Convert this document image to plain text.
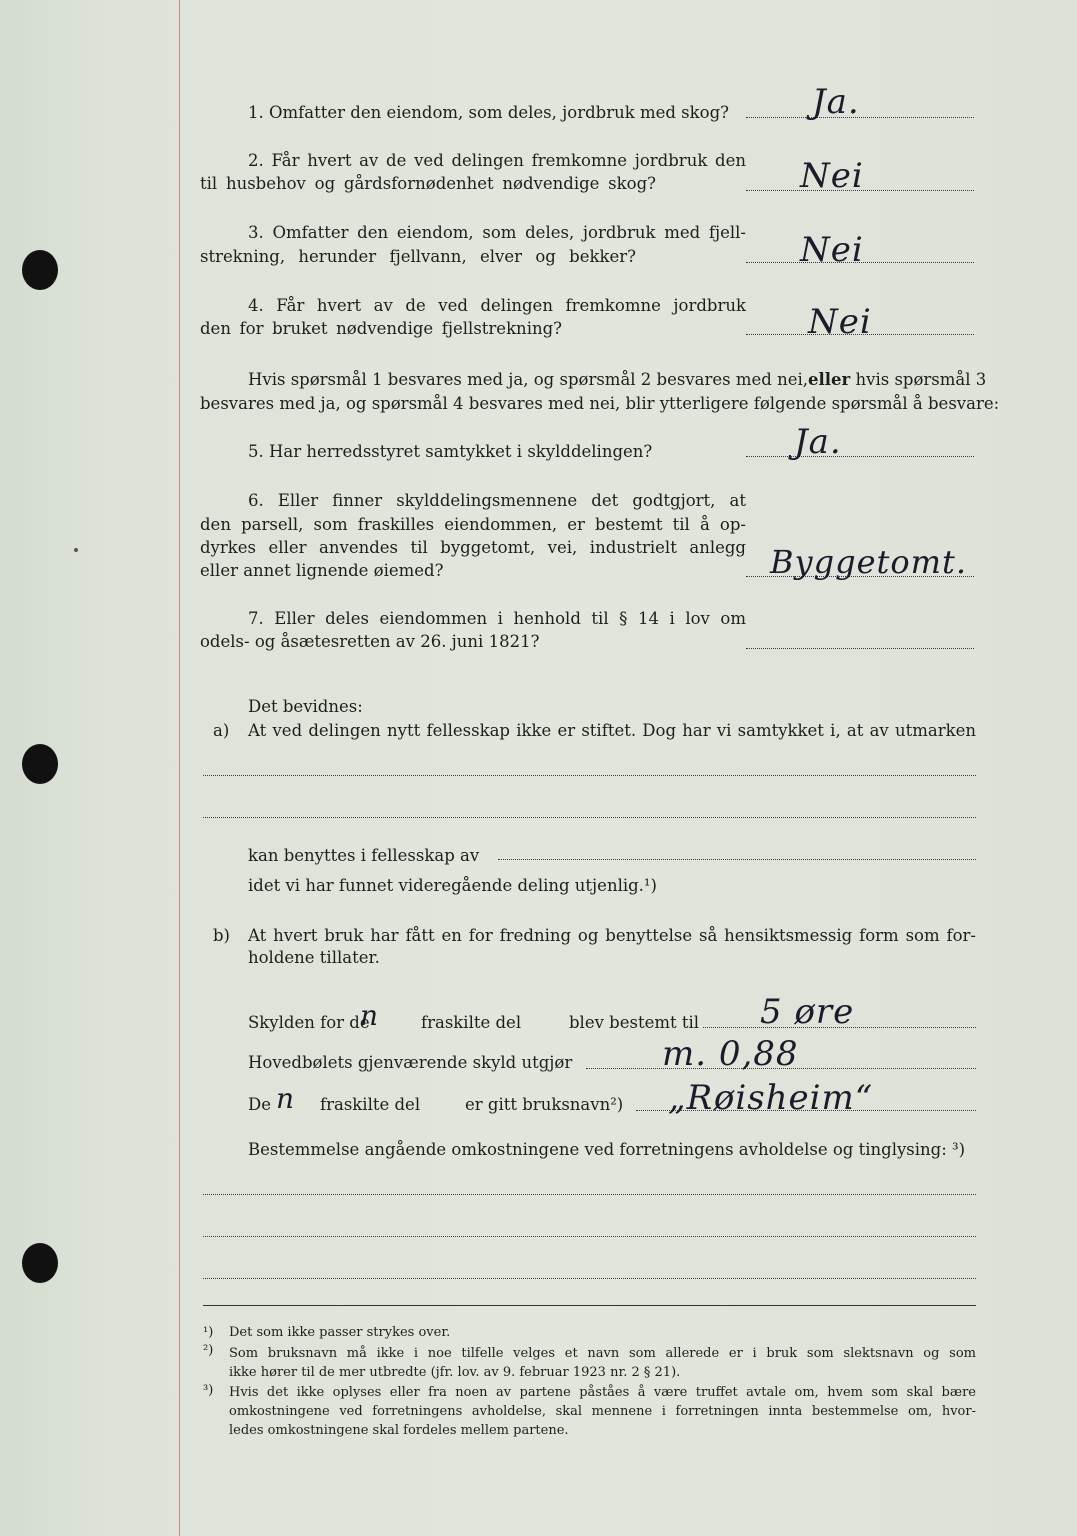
1. Omfatter den eiendom, som deles, jordbruk med skog? Ja.
2. Får hvert av de ved delingen fremkomne jordbruk den
til husbehov og gårdsfornødenhet nødvendige skog?	Nei
3. Omfatter den eiendom, som deles, jordbruk med fjell-
strekning, herunder fjellvann, elver og bekker?	Nei
4. Får hvert av de ved delingen fremkomne jordbruk
den for bruket nødvendige fjellstrekning?	Nei
Hvis spørsmål 1 besvares med ja, og spørsmål 2 besvares med nei, eller hvis spørsmål 3
besvares med ja, og spørsmål 4 besvares med nei, blir ytterligere følgende spørsmål å besvare:
5. Har herredsstyret samtykket i skylddelingen?	Ja.
6. Eller finner skylddelingsmennene det godtgjort, at
den parsell, som fraskilles eiendommen, er bestemt til å op-
dyrkes eller anvendes til byggetomt, vei, industrielt anlegg
eller annet lignende øiemed?	Byggetomt.
7. Eller deles eiendommen i henhold til § 14 i lov om
odels- og åsætesretten av 26. juni 1821?
Det bevidnes:
a) At ved delingen nytt fellesskap ikke er stiftet. Dog har vi samtykket i, at av utmarken
kan benyttes i fellesskap av
idet vi har funnet videregående deling utjenlig.¹)
b) At hvert bruk har fått en for fredning og benyttelse så hensiktsmessig form som for-
holdene tillater.
Skylden for de
n	fraskilte del	blev bestemt til 5 øre
Hovedbølets gjenværende skyld utgjør	m. 0,88
De n fraskilte del	er gitt bruksnavn²) „Røisheim“
Bestemmelse angående omkostningene ved forretningens avholdelse og tinglysing: ³)
¹) Det som ikke passer strykes over.
²) Som bruksnavn må ikke i noe tilfelle velges et navn som allerede er i bruk som slektsnavn og som
ikke hører til de mer utbredte (jfr. lov. av 9. februar 1923 nr. 2 § 21).
³) Hvis det ikke oplyses eller fra noen av partene påståes å være truffet avtale om, hvem som skal bære
omkostningene ved forretningens avholdelse, skal mennene i forretningen innta bestemmelse om, hvor-
ledes omkostningene skal fordeles mellem partene.
